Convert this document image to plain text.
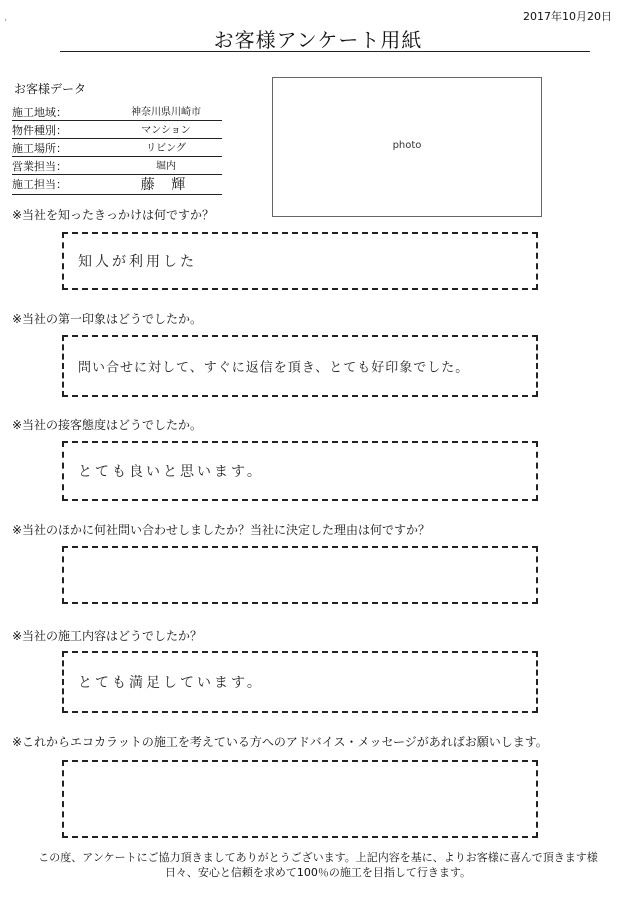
ʼ
2017年10月20日
お客様アンケート用紙
お客様データ
施工地域：	神奈川県川崎市
物件種別：	マンション
施工場所：	リビング
営業担当：	堀内
施工担当：	藤 輝
photo
※当社を知ったきっかけは何ですか？
知人が利用した
※当社の第一印象はどうでしたか。
問い合せに対して、すぐに返信を頂き、とても好印象でした。
※当社の接客態度はどうでしたか。
とても良いと思います。
※当社のほかに何社問い合わせしましたか？当社に決定した理由は何ですか？
※当社の施工内容はどうでしたか？
とても満足しています。
※これからエコカラットの施工を考えている方へのアドバイス・メッセージがあればお願いします。
この度、アンケートにご協力頂きましてありがとうございます。上記内容を基に、よりお客様に喜んで頂きます様
日々、安心と信頼を求めて100％の施工を目指して行きます。
